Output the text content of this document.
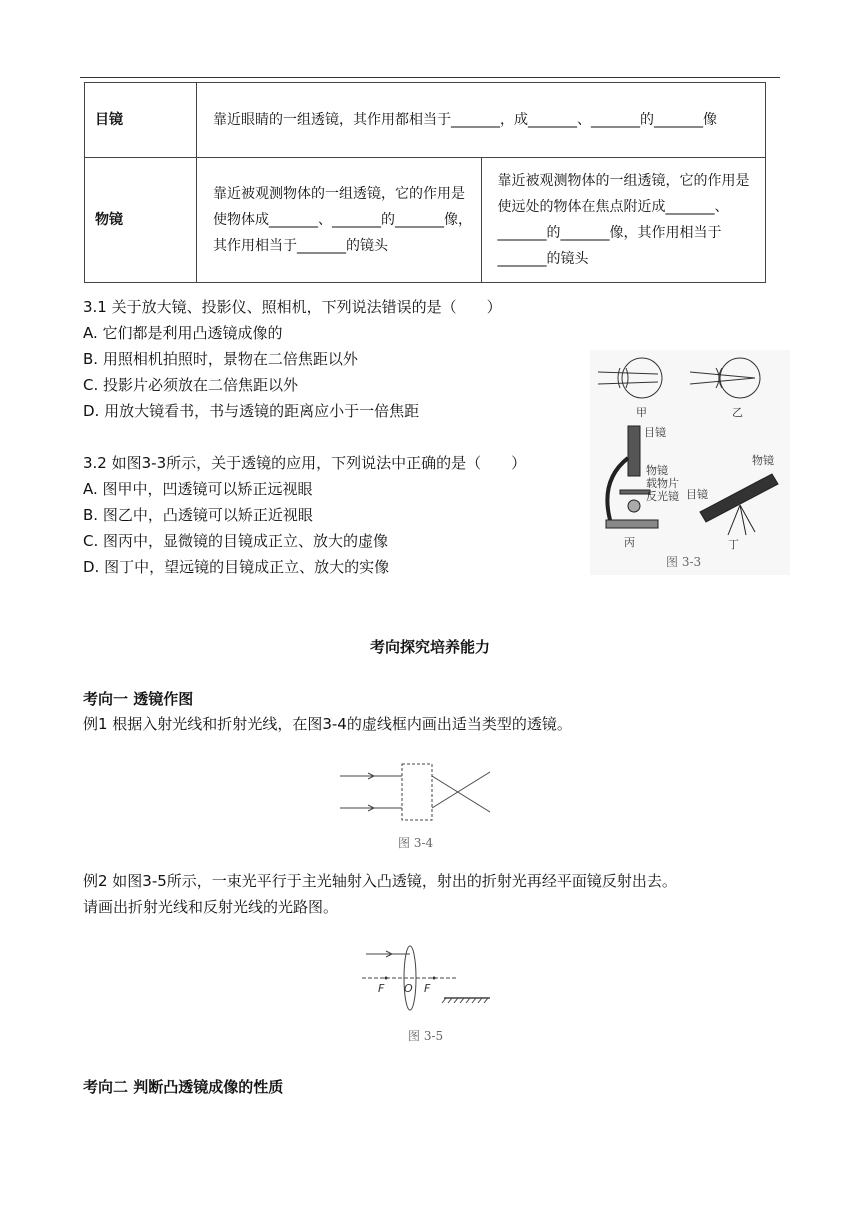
目镜	靠近眼睛的一组透镜，其作用都相当于_______，成_______、_______的_______像	
物镜	靠近被观测物体的一组透镜，它的作用是使物体成_______、_______的_______像，其作用相当于_______的镜头	靠近被观测物体的一组透镜，它的作用是使远处的物体在焦点附近成_______、_______的_______像，其作用相当于_______的镜头
3.1 关于放大镜、投影仪、照相机，下列说法错误的是（　　）
A. 它们都是利用凸透镜成像的
B. 用照相机拍照时，景物在二倍焦距以外
C. 投影片必须放在二倍焦距以外
D. 用放大镜看书，书与透镜的距离应小于一倍焦距
3.2 如图3-3所示，关于透镜的应用，下列说法中正确的是（　　）
A. 图甲中，凹透镜可以矫正远视眼
B. 图乙中，凸透镜可以矫正近视眼
C. 图丙中，显微镜的目镜成正立、放大的虚像
D. 图丁中，望远镜的目镜成正立、放大的实像
甲	乙
目镜
物镜
载物片
反光镜
丙
物镜
目镜
丁
图 3-3
考向探究培养能力
考向一 透镜作图
例1 根据入射光线和折射光线，在图3-4的虚线框内画出适当类型的透镜。
图 3-4
例2 如图3-5所示，一束光平行于主光轴射入凸透镜，射出的折射光再经平面镜反射出去。
请画出折射光线和反射光线的光路图。
F O F
图 3-5
考向二 判断凸透镜成像的性质
